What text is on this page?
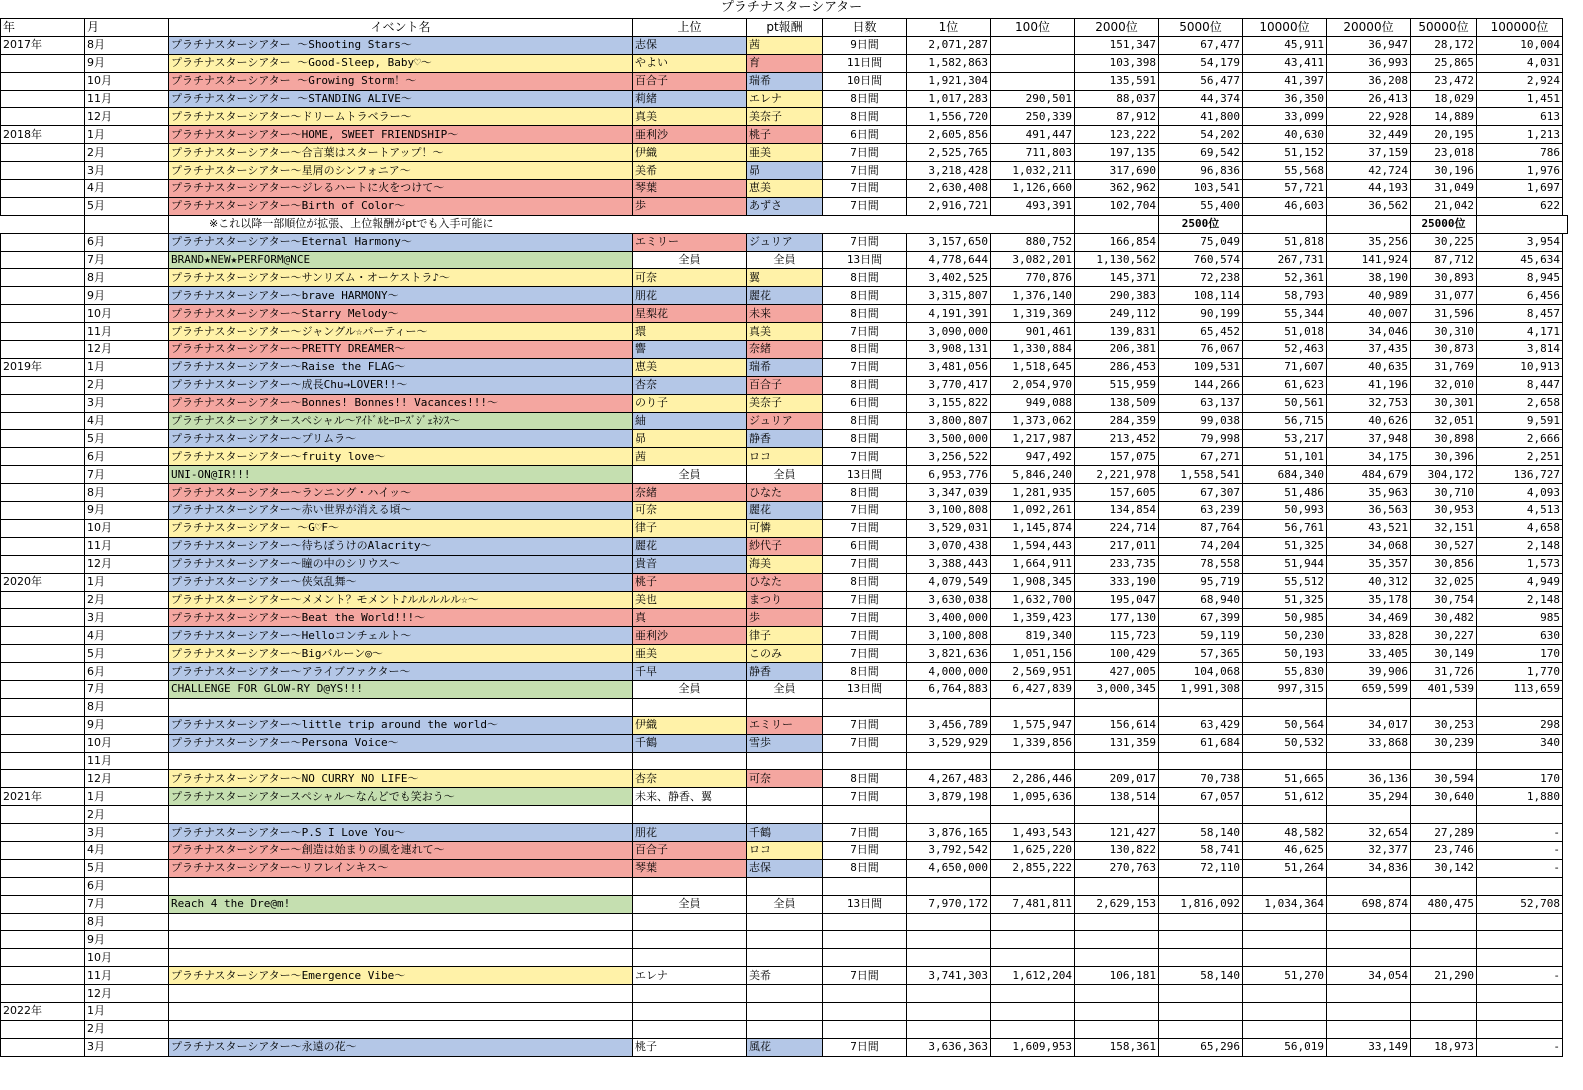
プラチナスターシアター
年	月	イベント名	上位	pt報酬	日数	1位	100位	2000位	5000位	10000位	20000位	50000位	100000位
2017年	8月	プラチナスターシアター ～Shooting Stars～	志保	茜	9日間	2,071,287		151,347	67,477	45,911	36,947	28,172	10,004
	9月	プラチナスターシアター ～Good-Sleep, Baby♡～	やよい	育	11日間	1,582,863		103,398	54,179	43,411	36,993	25,865	4,031
	10月	プラチナスターシアター ～Growing Storm！～	百合子	瑞希	10日間	1,921,304		135,591	56,477	41,397	36,208	23,472	2,924
	11月	プラチナスターシアター ～STANDING ALIVE～	莉緒	エレナ	8日間	1,017,283	290,501	88,037	44,374	36,350	26,413	18,029	1,451
	12月	プラチナスターシアター～ドリームトラベラー～	真美	美奈子	8日間	1,556,720	250,339	87,912	41,800	33,099	22,928	14,889	613
2018年	1月	プラチナスターシアター～HOME, SWEET FRIENDSHIP～	亜利沙	桃子	6日間	2,605,856	491,447	123,222	54,202	40,630	32,449	20,195	1,213
	2月	プラチナスターシアター～合言葉はスタートアップ！～	伊織	亜美	7日間	2,525,765	711,803	197,135	69,542	51,152	37,159	23,018	786
	3月	プラチナスターシアター～星屑のシンフォニア～	美希	昴	7日間	3,218,428	1,032,211	317,690	96,836	55,568	42,724	30,196	1,976
	4月	プラチナスターシアター～ジレるハートに火をつけて～	琴葉	恵美	7日間	2,630,408	1,126,660	362,962	103,541	57,721	44,193	31,049	1,697
	5月	プラチナスターシアター～Birth of Color～	歩	あずさ	7日間	2,916,721	493,391	102,704	55,400	46,603	36,562	21,042	622
		※これ以降一部順位が拡張、上位報酬がptでも入手可能に							2500位			25000位	
	6月	プラチナスターシアター～Eternal Harmony～	エミリー	ジュリア	7日間	3,157,650	880,752	166,854	75,049	51,818	35,256	30,225	3,954
	7月	BRAND★NEW★PERFORM@NCE	全員	全員	13日間	4,778,644	3,082,201	1,130,562	760,574	267,731	141,924	87,712	45,634
	8月	プラチナスターシアター～サンリズム・オーケストラ♪～	可奈	翼	8日間	3,402,525	770,876	145,371	72,238	52,361	38,190	30,893	8,945
	9月	プラチナスターシアター～brave HARMONY～	朋花	麗花	8日間	3,315,807	1,376,140	290,383	108,114	58,793	40,989	31,077	6,456
	10月	プラチナスターシアター～Starry Melody～	星梨花	未来	8日間	4,191,391	1,319,369	249,112	90,199	55,344	40,007	31,596	8,457
	11月	プラチナスターシアター～ジャングル☆パーティー～	環	真美	7日間	3,090,000	901,461	139,831	65,452	51,018	34,046	30,310	4,171
	12月	プラチナスターシアター～PRETTY DREAMER～	響	奈緒	8日間	3,908,131	1,330,884	206,381	76,067	52,463	37,435	30,873	3,814
2019年	1月	プラチナスターシアター～Raise the FLAG～	恵美	瑞希	7日間	3,481,056	1,518,645	286,453	109,531	71,607	40,635	31,769	10,913
	2月	プラチナスターシアター～成長Chu→LOVER!!～	杏奈	百合子	8日間	3,770,417	2,054,970	515,959	144,266	61,623	41,196	32,010	8,447
	3月	プラチナスターシアター～Bonnes! Bonnes!! Vacances!!!～	のり子	美奈子	6日間	3,155,822	949,088	138,509	63,137	50,561	32,753	30,301	2,658
	4月	プラチナスターシアタースペシャル～ｱｲﾄﾞﾙﾋｰﾛｰｽﾞｼﾞｪﾈｼｽ～	紬	ジュリア	8日間	3,800,807	1,373,062	284,359	99,038	56,715	40,626	32,051	9,591
	5月	プラチナスターシアター～プリムラ～	昴	静香	8日間	3,500,000	1,217,987	213,452	79,998	53,217	37,948	30,898	2,666
	6月	プラチナスターシアター～fruity love～	茜	ロコ	7日間	3,256,522	947,492	157,075	67,271	51,101	34,175	30,396	2,251
	7月	UNI-ON@IR!!!	全員	全員	13日間	6,953,776	5,846,240	2,221,978	1,558,541	684,340	484,679	304,172	136,727
	8月	プラチナスターシアター～ランニング・ハイッ～	奈緒	ひなた	8日間	3,347,039	1,281,935	157,605	67,307	51,486	35,963	30,710	4,093
	9月	プラチナスターシアター～赤い世界が消える頃～	可奈	麗花	7日間	3,100,808	1,092,261	134,854	63,239	50,993	36,563	30,953	4,513
	10月	プラチナスターシアター ～G♡F～	律子	可憐	7日間	3,529,031	1,145,874	224,714	87,764	56,761	43,521	32,151	4,658
	11月	プラチナスターシアター～待ちぼうけのAlacrity～	麗花	紗代子	6日間	3,070,438	1,594,443	217,011	74,204	51,325	34,068	30,527	2,148
	12月	プラチナスターシアター～瞳の中のシリウス～	貴音	海美	7日間	3,388,443	1,664,911	233,735	78,558	51,944	35,357	30,856	1,573
2020年	1月	プラチナスターシアター～侠気乱舞～	桃子	ひなた	8日間	4,079,549	1,908,345	333,190	95,719	55,512	40,312	32,025	4,949
	2月	プラチナスターシアター～メメント？モメント♪ルルルルル☆～	美也	まつり	7日間	3,630,038	1,632,700	195,047	68,940	51,325	35,178	30,754	2,148
	3月	プラチナスターシアター～Beat the World!!!～	真	歩	7日間	3,400,000	1,359,423	177,130	67,399	50,985	34,469	30,482	985
	4月	プラチナスターシアター～Helloコンチェルト～	亜利沙	律子	7日間	3,100,808	819,340	115,723	59,119	50,230	33,828	30,227	630
	5月	プラチナスターシアター～Bigバルーン◎～	亜美	このみ	7日間	3,821,636	1,051,156	100,429	57,365	50,193	33,405	30,149	170
	6月	プラチナスターシアター～アライブファクター～	千早	静香	8日間	4,000,000	2,569,951	427,005	104,068	55,830	39,906	31,726	1,770
	7月	CHALLENGE FOR GLOW-RY D@YS!!!	全員	全員	13日間	6,764,883	6,427,839	3,000,345	1,991,308	997,315	659,599	401,539	113,659
	8月												
	9月	プラチナスターシアター～little trip around the world～	伊織	エミリー	7日間	3,456,789	1,575,947	156,614	63,429	50,564	34,017	30,253	298
	10月	プラチナスターシアター～Persona Voice～	千鶴	雪歩	7日間	3,529,929	1,339,856	131,359	61,684	50,532	33,868	30,239	340
	11月												
	12月	プラチナスターシアター～NO CURRY NO LIFE～	杏奈	可奈	8日間	4,267,483	2,286,446	209,017	70,738	51,665	36,136	30,594	170
2021年	1月	プラチナスターシアタースペシャル～なんどでも笑おう～	未来、静香、翼		7日間	3,879,198	1,095,636	138,514	67,057	51,612	35,294	30,640	1,880
	2月												
	3月	プラチナスターシアター～P.S I Love You～	朋花	千鶴	7日間	3,876,165	1,493,543	121,427	58,140	48,582	32,654	27,289	-
	4月	プラチナスターシアター～創造は始まりの風を連れて～	百合子	ロコ	7日間	3,792,542	1,625,220	130,822	58,741	46,625	32,377	23,746	-
	5月	プラチナスターシアター～リフレインキス～	琴葉	志保	8日間	4,650,000	2,855,222	270,763	72,110	51,264	34,836	30,142	-
	6月												
	7月	Reach 4 the Dre@m!	全員	全員	13日間	7,970,172	7,481,811	2,629,153	1,816,092	1,034,364	698,874	480,475	52,708
	8月												
	9月												
	10月												
	11月	プラチナスターシアター～Emergence Vibe～	エレナ	美希	7日間	3,741,303	1,612,204	106,181	58,140	51,270	34,054	21,290	-
	12月												
2022年	1月												
	2月												
	3月	プラチナスターシアター～永遠の花～	桃子	風花	7日間	3,636,363	1,609,953	158,361	65,296	56,019	33,149	18,973	-
